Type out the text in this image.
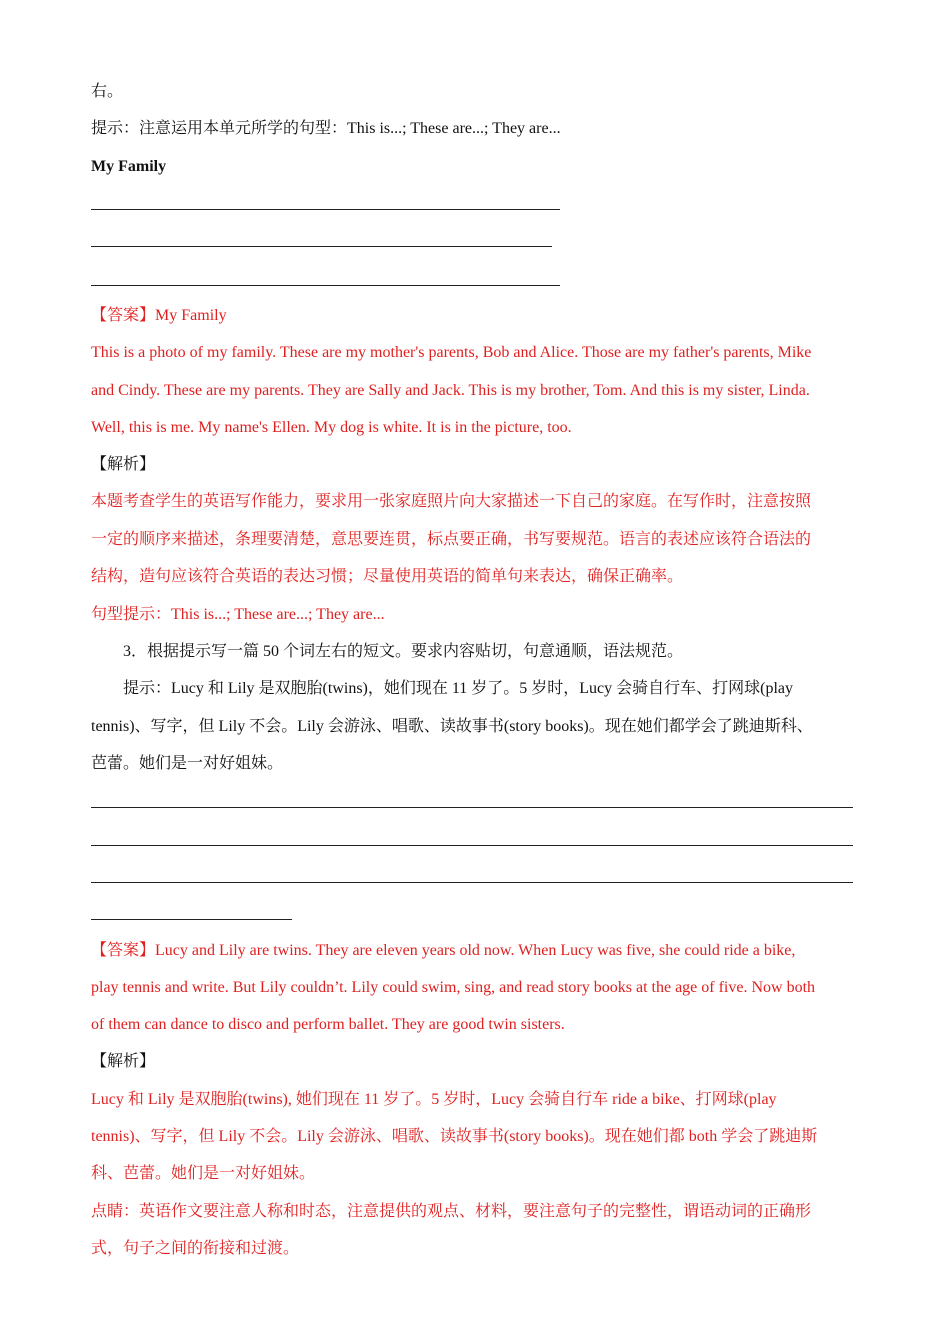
右。
提示：注意运用本单元所学的句型：This is...; These are...; They are...
My Family
【答案】My Family
This is a photo of my family. These are my mother's parents, Bob and Alice. Those are my father's parents, Mike
and Cindy. These are my parents. They are Sally and Jack. This is my brother, Tom. And this is my sister, Linda.
Well, this is me. My name's Ellen. My dog is white. It is in the picture, too.
【解析】
本题考查学生的英语写作能力，要求用一张家庭照片向大家描述一下自己的家庭。在写作时，注意按照
一定的顺序来描述，条理要清楚，意思要连贯，标点要正确，书写要规范。语言的表述应该符合语法的
结构，造句应该符合英语的表达习惯；尽量使用英语的简单句来表达，确保正确率。
句型提示：This is...; These are...; They are...
3．根据提示写一篇 50 个词左右的短文。要求内容贴切，句意通顺，语法规范。
提示：Lucy 和 Lily 是双胞胎(twins)，她们现在 11 岁了。5 岁时，Lucy 会骑自行车、打网球(play
tennis)、写字，但 Lily 不会。Lily 会游泳、唱歌、读故事书(story books)。现在她们都学会了跳迪斯科、
芭蕾。她们是一对好姐妹。
【答案】Lucy and Lily are twins. They are eleven years old now. When Lucy was five, she could ride a bike,
play tennis and write. But Lily couldn’t. Lily could swim, sing, and read story books at the age of five. Now both
of them can dance to disco and perform ballet. They are good twin sisters.
【解析】
Lucy 和 Lily 是双胞胎(twins), 她们现在 11 岁了。5 岁时，Lucy 会骑自行车 ride a bike、打网球(play
tennis)、写字，但 Lily 不会。Lily 会游泳、唱歌、读故事书(story books)。现在她们都 both 学会了跳迪斯
科、芭蕾。她们是一对好姐妹。
点睛：英语作文要注意人称和时态，注意提供的观点、材料，要注意句子的完整性，谓语动词的正确形
式，句子之间的衔接和过渡。
